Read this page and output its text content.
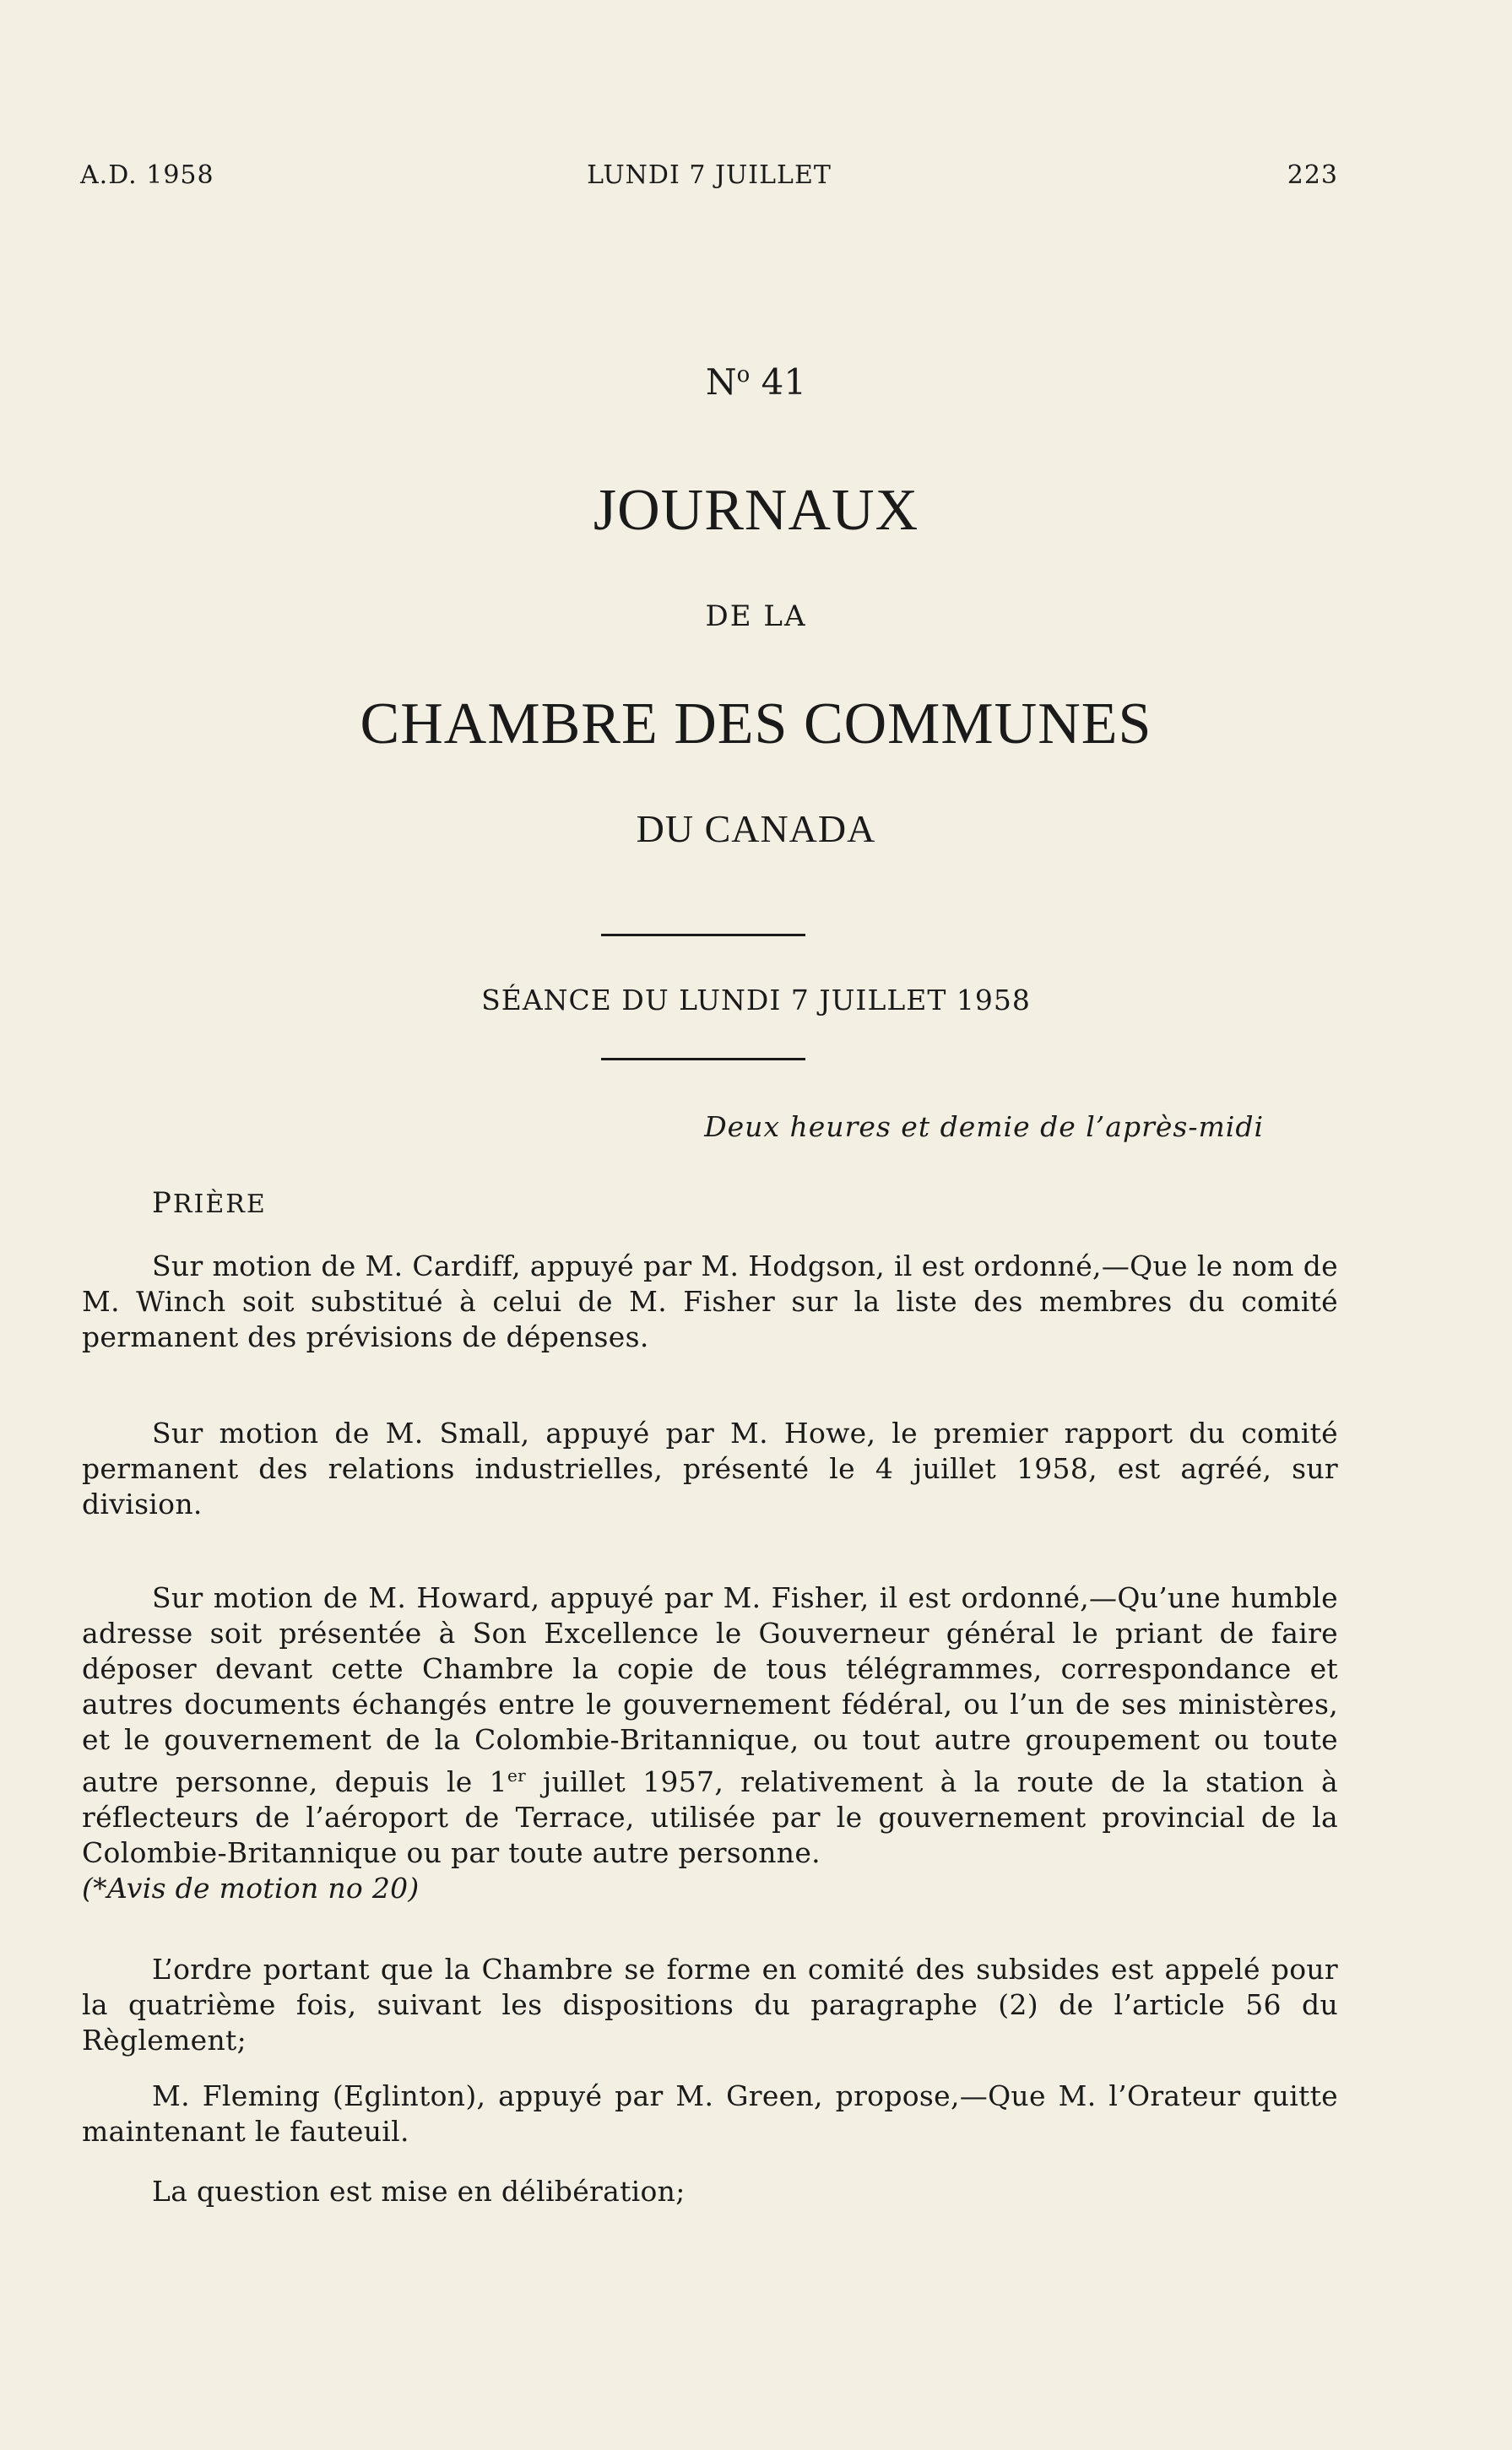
A.D. 1958	LUNDI 7 JUILLET	223
$N^o$ 41
JOURNAUX
DE LA
CHAMBRE DES COMMUNES
DU CANADA
SÉANCE DU LUNDI 7 JUILLET 1958
Deux heures et demie de l’après-midi
PRIÈRE

Sur motion de M. Cardiff, appuyé par M. Hodgson, il est ordonné,—Que le nom de M. Winch soit substitué à celui de M. Fisher sur la liste des membres du comité permanent des prévisions de dépenses.

Sur motion de M. Small, appuyé par M. Howe, le premier rapport du comité permanent des relations industrielles, présenté le 4 juillet 1958, est agréé, sur division.

Sur motion de M. Howard, appuyé par M. Fisher, il est ordonné,—Qu’une humble adresse soit présentée à Son Excellence le Gouverneur général le priant de faire déposer devant cette Chambre la copie de tous télégrammes, correspondance et autres documents échangés entre le gouvernement fédéral, ou l’un de ses ministères, et le gouvernement de la Colombie-Britannique, ou tout autre groupement ou toute autre personne, depuis le 1er juillet 1957, relativement à la route de la station à réflecteurs de l’aéroport de Terrace, utilisée par le gouvernement provincial de la Colombie-Britannique ou par toute autre personne.

(*Avis de motion no 20)

L’ordre portant que la Chambre se forme en comité des subsides est appelé pour la quatrième fois, suivant les dispositions du paragraphe (2) de l’article 56 du Règlement;

M. Fleming (Eglinton), appuyé par M. Green, propose,—Que M. l’Orateur quitte maintenant le fauteuil.

La question est mise en délibération;
